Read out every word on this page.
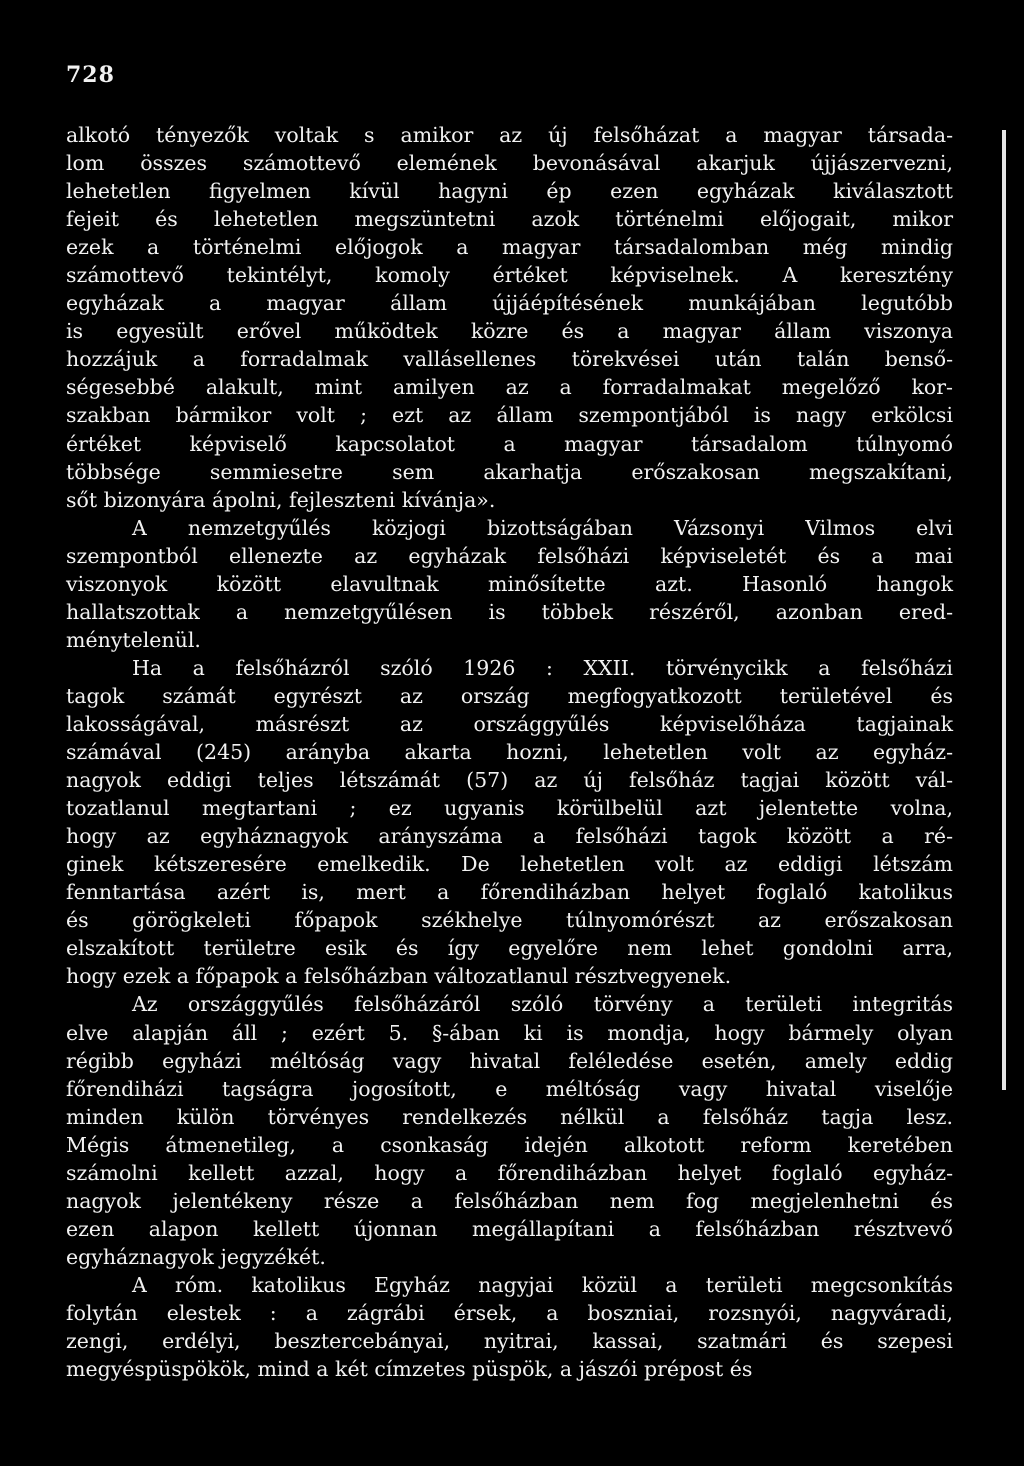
728
alkotó tényezők voltak s amikor az új felsőházat a magyar társada-
lom összes számottevő elemének bevonásával akarjuk újjászervezni,
lehetetlen figyelmen kívül hagyni ép ezen egyházak kiválasztott
fejeit és lehetetlen megszüntetni azok történelmi előjogait, mikor
ezek a történelmi előjogok a magyar társadalomban még mindig
számottevő tekintélyt, komoly értéket képviselnek. A keresztény
egyházak a magyar állam újjáépítésének munkájában legutóbb
is egyesült erővel működtek közre és a magyar állam viszonya
hozzájuk a forradalmak vallásellenes törekvései után talán benső-
ségesebbé alakult, mint amilyen az a forradalmakat megelőző kor-
szakban bármikor volt ; ezt az állam szempontjából is nagy erkölcsi
értéket képviselő kapcsolatot a magyar társadalom túlnyomó
többsége semmiesetre sem akarhatja erőszakosan megszakítani,
sőt bizonyára ápolni, fejleszteni kívánja».
A nemzetgyűlés közjogi bizottságában Vázsonyi Vilmos elvi
szempontból ellenezte az egyházak felsőházi képviseletét és a mai
viszonyok között elavultnak minősítette azt. Hasonló hangok
hallatszottak a nemzetgyűlésen is többek részéről, azonban ered-
ménytelenül.
Ha a felsőházról szóló 1926 : XXII. törvénycikk a felsőházi
tagok számát egyrészt az ország megfogyatkozott területével és
lakosságával, másrészt az országgyűlés képviselőháza tagjainak
számával (245) arányba akarta hozni, lehetetlen volt az egyház-
nagyok eddigi teljes létszámát (57) az új felsőház tagjai között vál-
tozatlanul megtartani ; ez ugyanis körülbelül azt jelentette volna,
hogy az egyháznagyok arányszáma a felsőházi tagok között a ré-
ginek kétszeresére emelkedik. De lehetetlen volt az eddigi létszám
fenntartása azért is, mert a főrendiházban helyet foglaló katolikus
és görögkeleti főpapok székhelye túlnyomórészt az erőszakosan
elszakított területre esik és így egyelőre nem lehet gondolni arra,
hogy ezek a főpapok a felsőházban változatlanul résztvegyenek.
Az országgyűlés felsőházáról szóló törvény a területi integritás
elve alapján áll ; ezért 5. §-ában ki is mondja, hogy bármely olyan
régibb egyházi méltóság vagy hivatal feléledése esetén, amely eddig
főrendiházi tagságra jogosított, e méltóság vagy hivatal viselője
minden külön törvényes rendelkezés nélkül a felsőház tagja lesz.
Mégis átmenetileg, a csonkaság idején alkotott reform keretében
számolni kellett azzal, hogy a főrendiházban helyet foglaló egyház-
nagyok jelentékeny része a felsőházban nem fog megjelenhetni és
ezen alapon kellett újonnan megállapítani a felsőházban résztvevő
egyháznagyok jegyzékét.
A róm. katolikus Egyház nagyjai közül a területi megcsonkítás
folytán elestek : a zágrábi érsek, a boszniai, rozsnyói, nagyváradi,
zengi, erdélyi, besztercebányai, nyitrai, kassai, szatmári és szepesi
megyéspüspökök, mind a két címzetes püspök, a jászói prépost és
